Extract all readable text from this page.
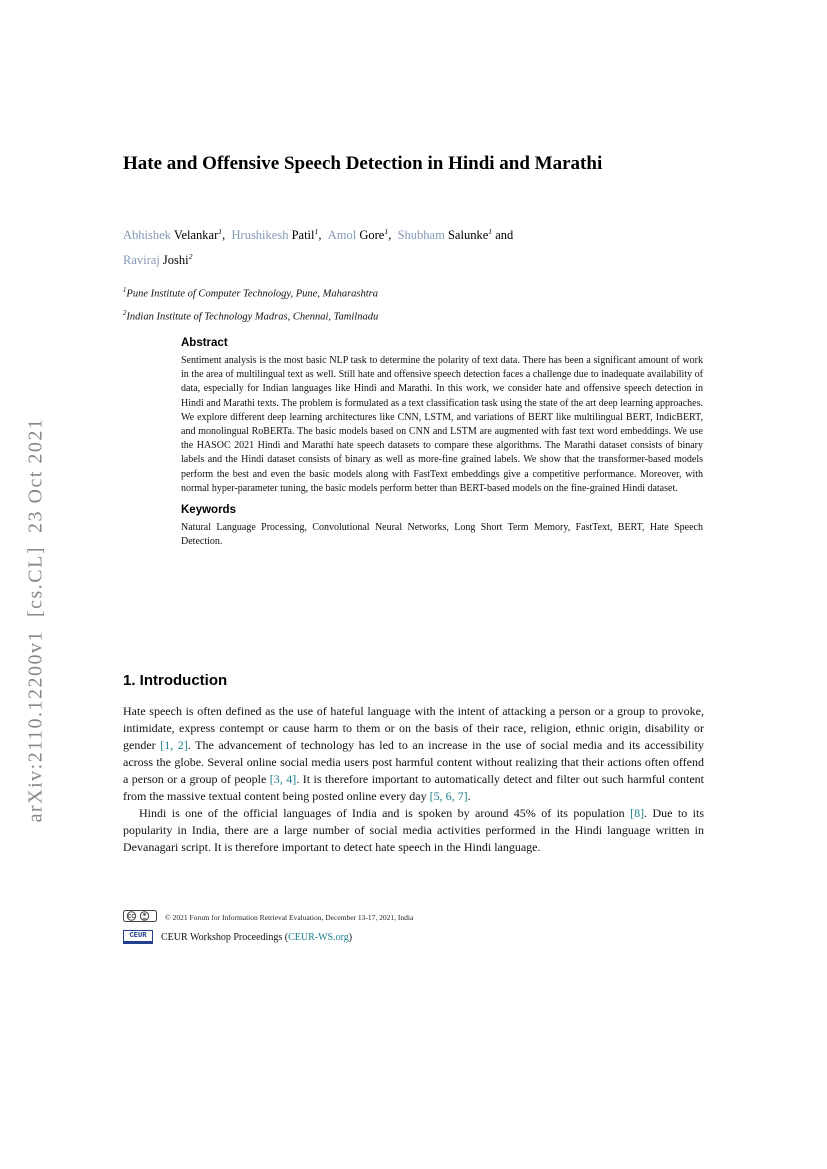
arXiv:2110.12200v1  [cs.CL]  23 Oct 2021
Hate and Offensive Speech Detection in Hindi and Marathi
Abhishek Velankar$^1$, Hrushikesh Patil$^1$, Amol Gore$^1$, Shubham Salunke$^1$ and
Raviraj Joshi$^2$
$^1$Pune Institute of Computer Technology, Pune, Maharashtra
$^2$Indian Institute of Technology Madras, Chennai, Tamilnadu
Abstract

Sentiment analysis is the most basic NLP task to determine the polarity of text data. There has been a significant amount of work in the area of multilingual text as well. Still hate and offensive speech detection faces a challenge due to inadequate availability of data, especially for Indian languages like Hindi and Marathi. In this work, we consider hate and offensive speech detection in Hindi and Marathi texts. The problem is formulated as a text classification task using the state of the art deep learning approaches. We explore different deep learning architectures like CNN, LSTM, and variations of BERT like multilingual BERT, IndicBERT, and monolingual RoBERTa. The basic models based on CNN and LSTM are augmented with fast text word embeddings. We use the HASOC 2021 Hindi and Marathi hate speech datasets to compare these algorithms. The Marathi dataset consists of binary labels and the Hindi dataset consists of binary as well as more-fine grained labels. We show that the transformer-based models perform the best and even the basic models along with FastText embeddings give a competitive performance. Moreover, with normal hyper-parameter tuning, the basic models perform better than BERT-based models on the fine-grained Hindi dataset.

Keywords

Natural Language Processing, Convolutional Neural Networks, Long Short Term Memory, FastText, BERT, Hate Speech Detection.

1. Introduction

Hate speech is often defined as the use of hateful language with the intent of attacking a person or a group to provoke, intimidate, express contempt or cause harm to them or on the basis of their race, religion, ethnic origin, disability or gender [1, 2]. The advancement of technology has led to an increase in the use of social media and its accessibility across the globe. Several online social media users post harmful content without realizing that their actions often offend a person or a group of people [3, 4]. It is therefore important to automatically detect and filter out such harmful content from the massive textual content being posted online every day [5, 6, 7].

Hindi is one of the official languages of India and is spoken by around 45% of its population [8]. Due to its popularity in India, there are a large number of social media activities performed in the Hindi language written in Devanagari script. It is therefore important to detect hate speech in the Hindi language.

CC	© 2021 Forum for Information Retrieval Evaluation, December 13-17, 2021, India
CEUR	CEUR Workshop Proceedings (CEUR-WS.org)
